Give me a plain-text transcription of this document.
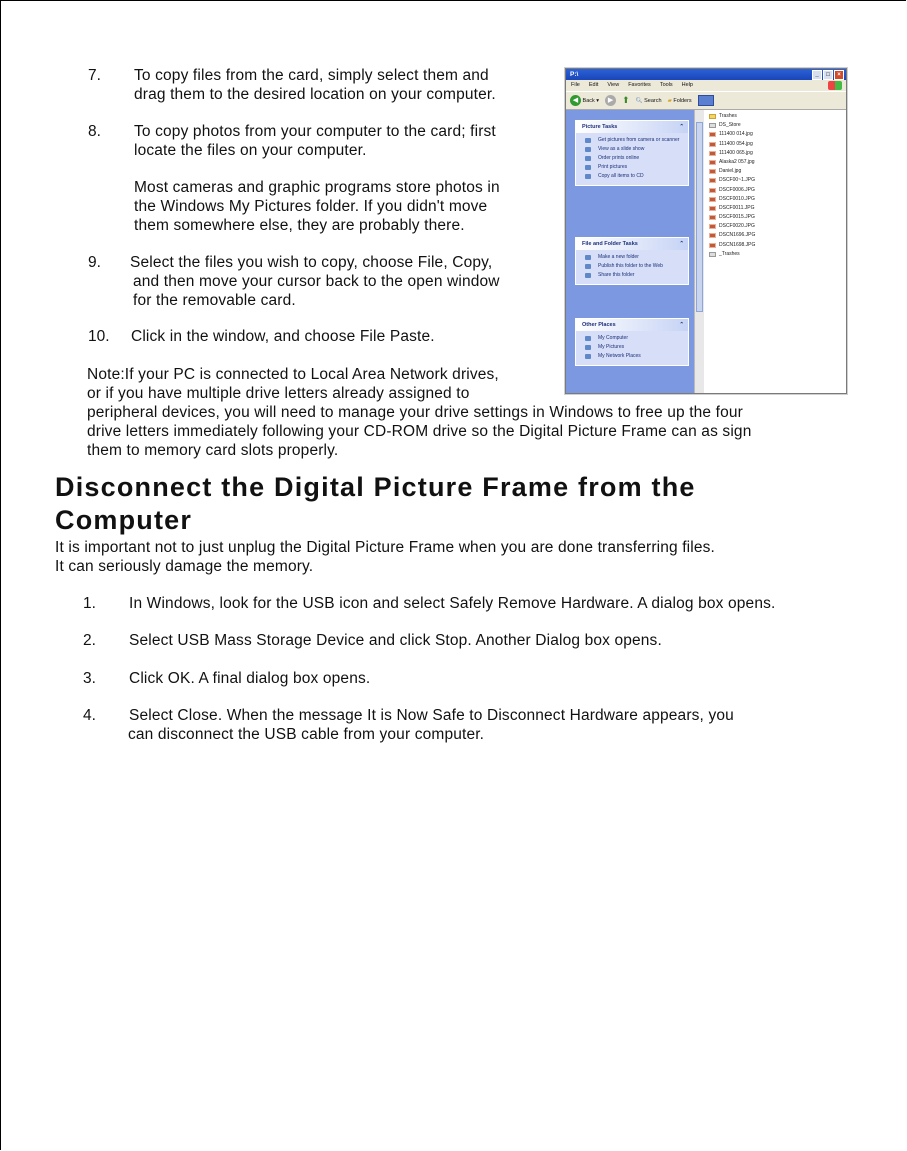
7. To copy files from the card, simply select them and
drag them to the desired location on your computer.
8. To copy photos from your computer to the card; first
locate the files on your computer.
Most cameras and graphic programs store photos in
the Windows My Pictures folder. If you didn't move
them somewhere else, they are probably there.
9. Select the files you wish to copy, choose File, Copy,
and then move your cursor back to the open window
for the removable card.
10. Click in the window, and choose File Paste.
Note:If your PC is connected to Local Area Network drives,
or if you have multiple drive letters already assigned to
peripheral devices, you will need to manage your drive settings in Windows to free up the four
drive letters immediately following your CD-ROM drive so the Digital Picture Frame can as sign
them to memory card slots properly.
Disconnect the Digital Picture Frame from the
Computer
It is important not to just unplug the Digital Picture Frame when you are done transferring files.
It can seriously damage the memory.
1. In Windows, look for the USB icon and select Safely Remove Hardware. A dialog box opens.
2. Select USB Mass Storage Device and click Stop. Another Dialog box opens.
3. Click OK. A final dialog box opens.
4. Select Close. When the message It is Now Safe to Disconnect Hardware appears, you
can disconnect the USB cable from your computer.
P:\	_	□	×
File Edit View Favorites Tools Help
◀ Back ▾	▶ ⬆ 🔍︎ Search ▰ Folders
Picture Tasks	⌃
Get pictures from camera or scanner
View as a slide show
Order prints online
Print pictures
Copy all items to CD
File and Folder Tasks	⌃
Make a new folder
Publish this folder to the Web
Share this folder
Other Places	⌃
My Computer
My Pictures
My Network Places
Trashes
DS_Store
111400 014.jpg
111400 054.jpg
111400 065.jpg
Alaska2 057.jpg
Daniel.jpg
DSCF00~1.JPG
DSCF0006.JPG
DSCF0010.JPG
DSCF0011.JPG
DSCF0015.JPG
DSCF0020.JPG
DSCN1696.JPG
DSCN1698.JPG
_Trashes
